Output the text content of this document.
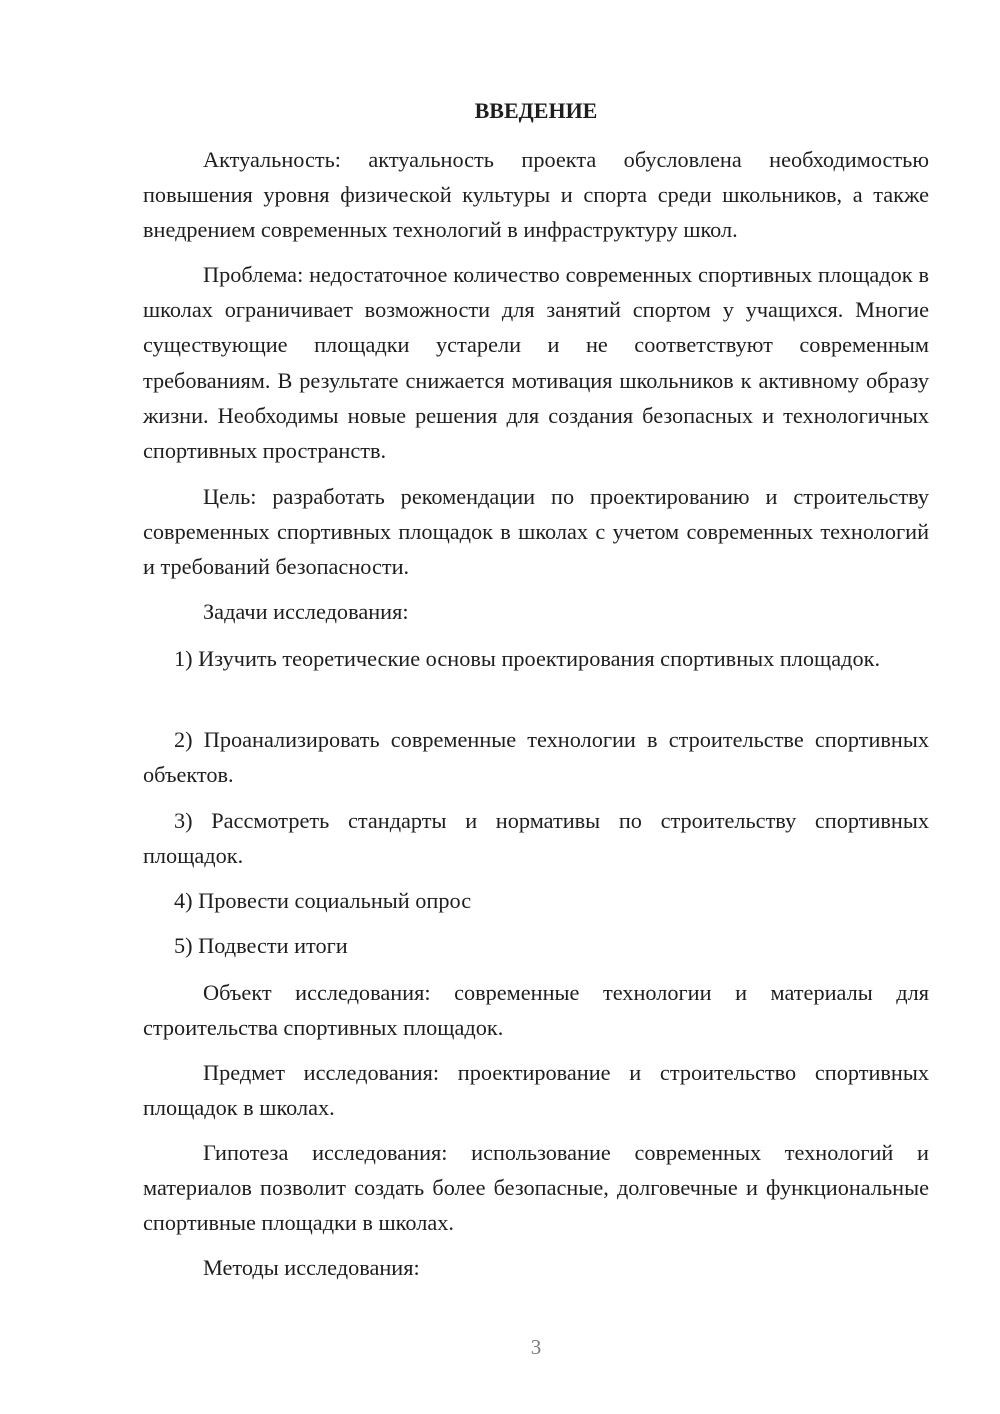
ВВЕДЕНИЕ

Актуальность: актуальность проекта обусловлена необходимостью повышения уровня физической культуры и спорта среди школьников, а также внедрением современных технологий в инфраструктуру школ.

Проблема: недостаточное количество современных спортивных площадок в школах ограничивает возможности для занятий спортом у учащихся. Многие существующие площадки устарели и не соответствуют современным требованиям. В результате снижается мотивация школьников к активному образу жизни. Необходимы новые решения для создания безопасных и технологичных спортивных пространств.

Цель: разработать рекомендации по проектированию и строительству современных спортивных площадок в школах с учетом современных технологий и требований безопасности.

Задачи исследования:

1) Изучить теоретические основы проектирования спортивных площадок.

2) Проанализировать современные технологии в строительстве спортивных объектов.

3) Рассмотреть стандарты и нормативы по строительству спортивных площадок.

4) Провести социальный опрос

5) Подвести итоги

Объект исследования: современные технологии и материалы для строительства спортивных площадок.

Предмет исследования: проектирование и строительство спортивных площадок в школах.

Гипотеза исследования: использование современных технологий и материалов позволит создать более безопасные, долговечные и функциональные спортивные площадки в школах.

Методы исследования:

3
